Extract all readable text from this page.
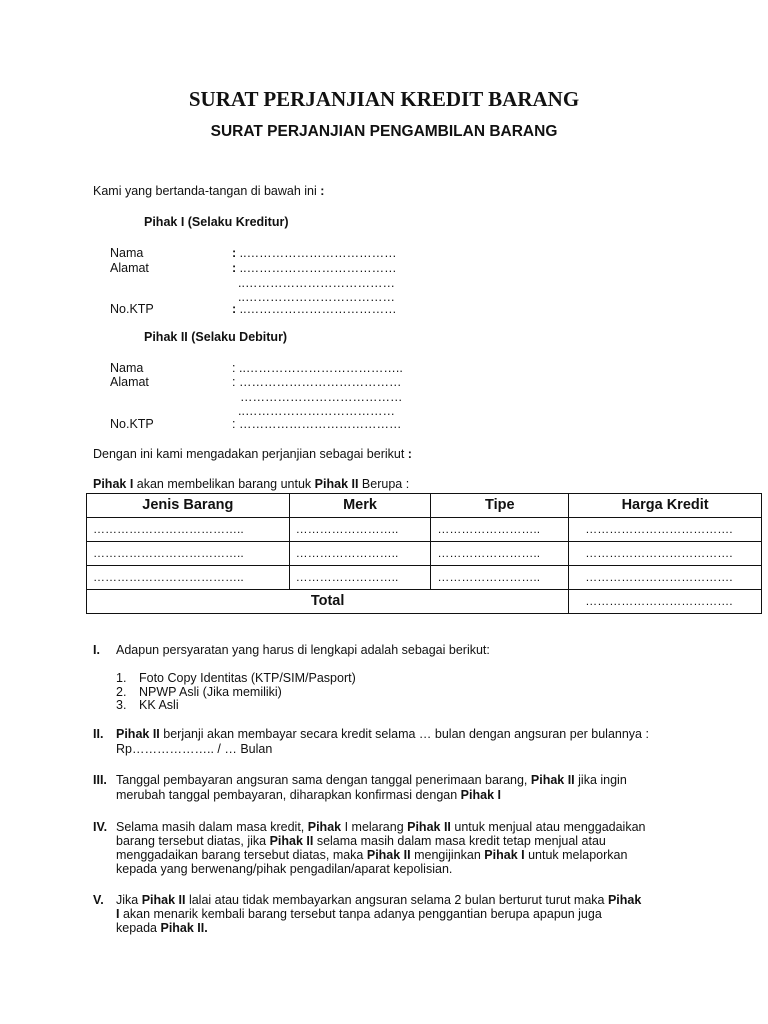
SURAT PERJANJIAN KREDIT BARANG
SURAT PERJANJIAN PENGAMBILAN BARANG
Kami yang bertanda-tangan di bawah ini :
Pihak I (Selaku Kreditur)
Nama	: ..………………………………
Alamat	: ..………………………………
..………………………………
..………………………………
No.KTP	: ..………………………………
Pihak II (Selaku Debitur)
Nama	: ..………………………………..
Alamat	: …………………………………
…………………………………
..………………………………
No.KTP	: …………………………………
Dengan ini kami mengadakan perjanjian sebagai berikut :
Pihak I akan membelikan barang untuk Pihak II Berupa :
Jenis Barang	Merk	Tipe	Harga Kredit
………………………………..	……………………..	……………………..	……………………………….
………………………………..	……………………..	……………………..	……………………………….
………………………………..	……………………..	……………………..	……………………………….
Total			……………………………….
I. Adapun persyaratan yang harus di lengkapi adalah sebagai berikut:
1. Foto Copy Identitas (KTP/SIM/Pasport)
2. NPWP Asli (Jika memiliki)
3. KK Asli
II. Pihak II berjanji akan membayar secara kredit selama … bulan dengan angsuran per bulannya :
Rp……………….. / … Bulan
III. Tanggal pembayaran angsuran sama dengan tanggal penerimaan barang, Pihak II jika ingin
merubah tanggal pembayaran, diharapkan konfirmasi dengan Pihak I
IV. Selama masih dalam masa kredit, Pihak I melarang Pihak II untuk menjual atau menggadaikan
barang tersebut diatas, jika Pihak II selama masih dalam masa kredit tetap menjual atau
menggadaikan barang tersebut diatas, maka Pihak II mengijinkan Pihak I untuk melaporkan
kepada yang berwenang/pihak pengadilan/aparat kepolisian.
V. Jika Pihak II lalai atau tidak membayarkan angsuran selama 2 bulan berturut turut maka Pihak
I akan menarik kembali barang tersebut tanpa adanya penggantian berupa apapun juga
kepada Pihak II.
